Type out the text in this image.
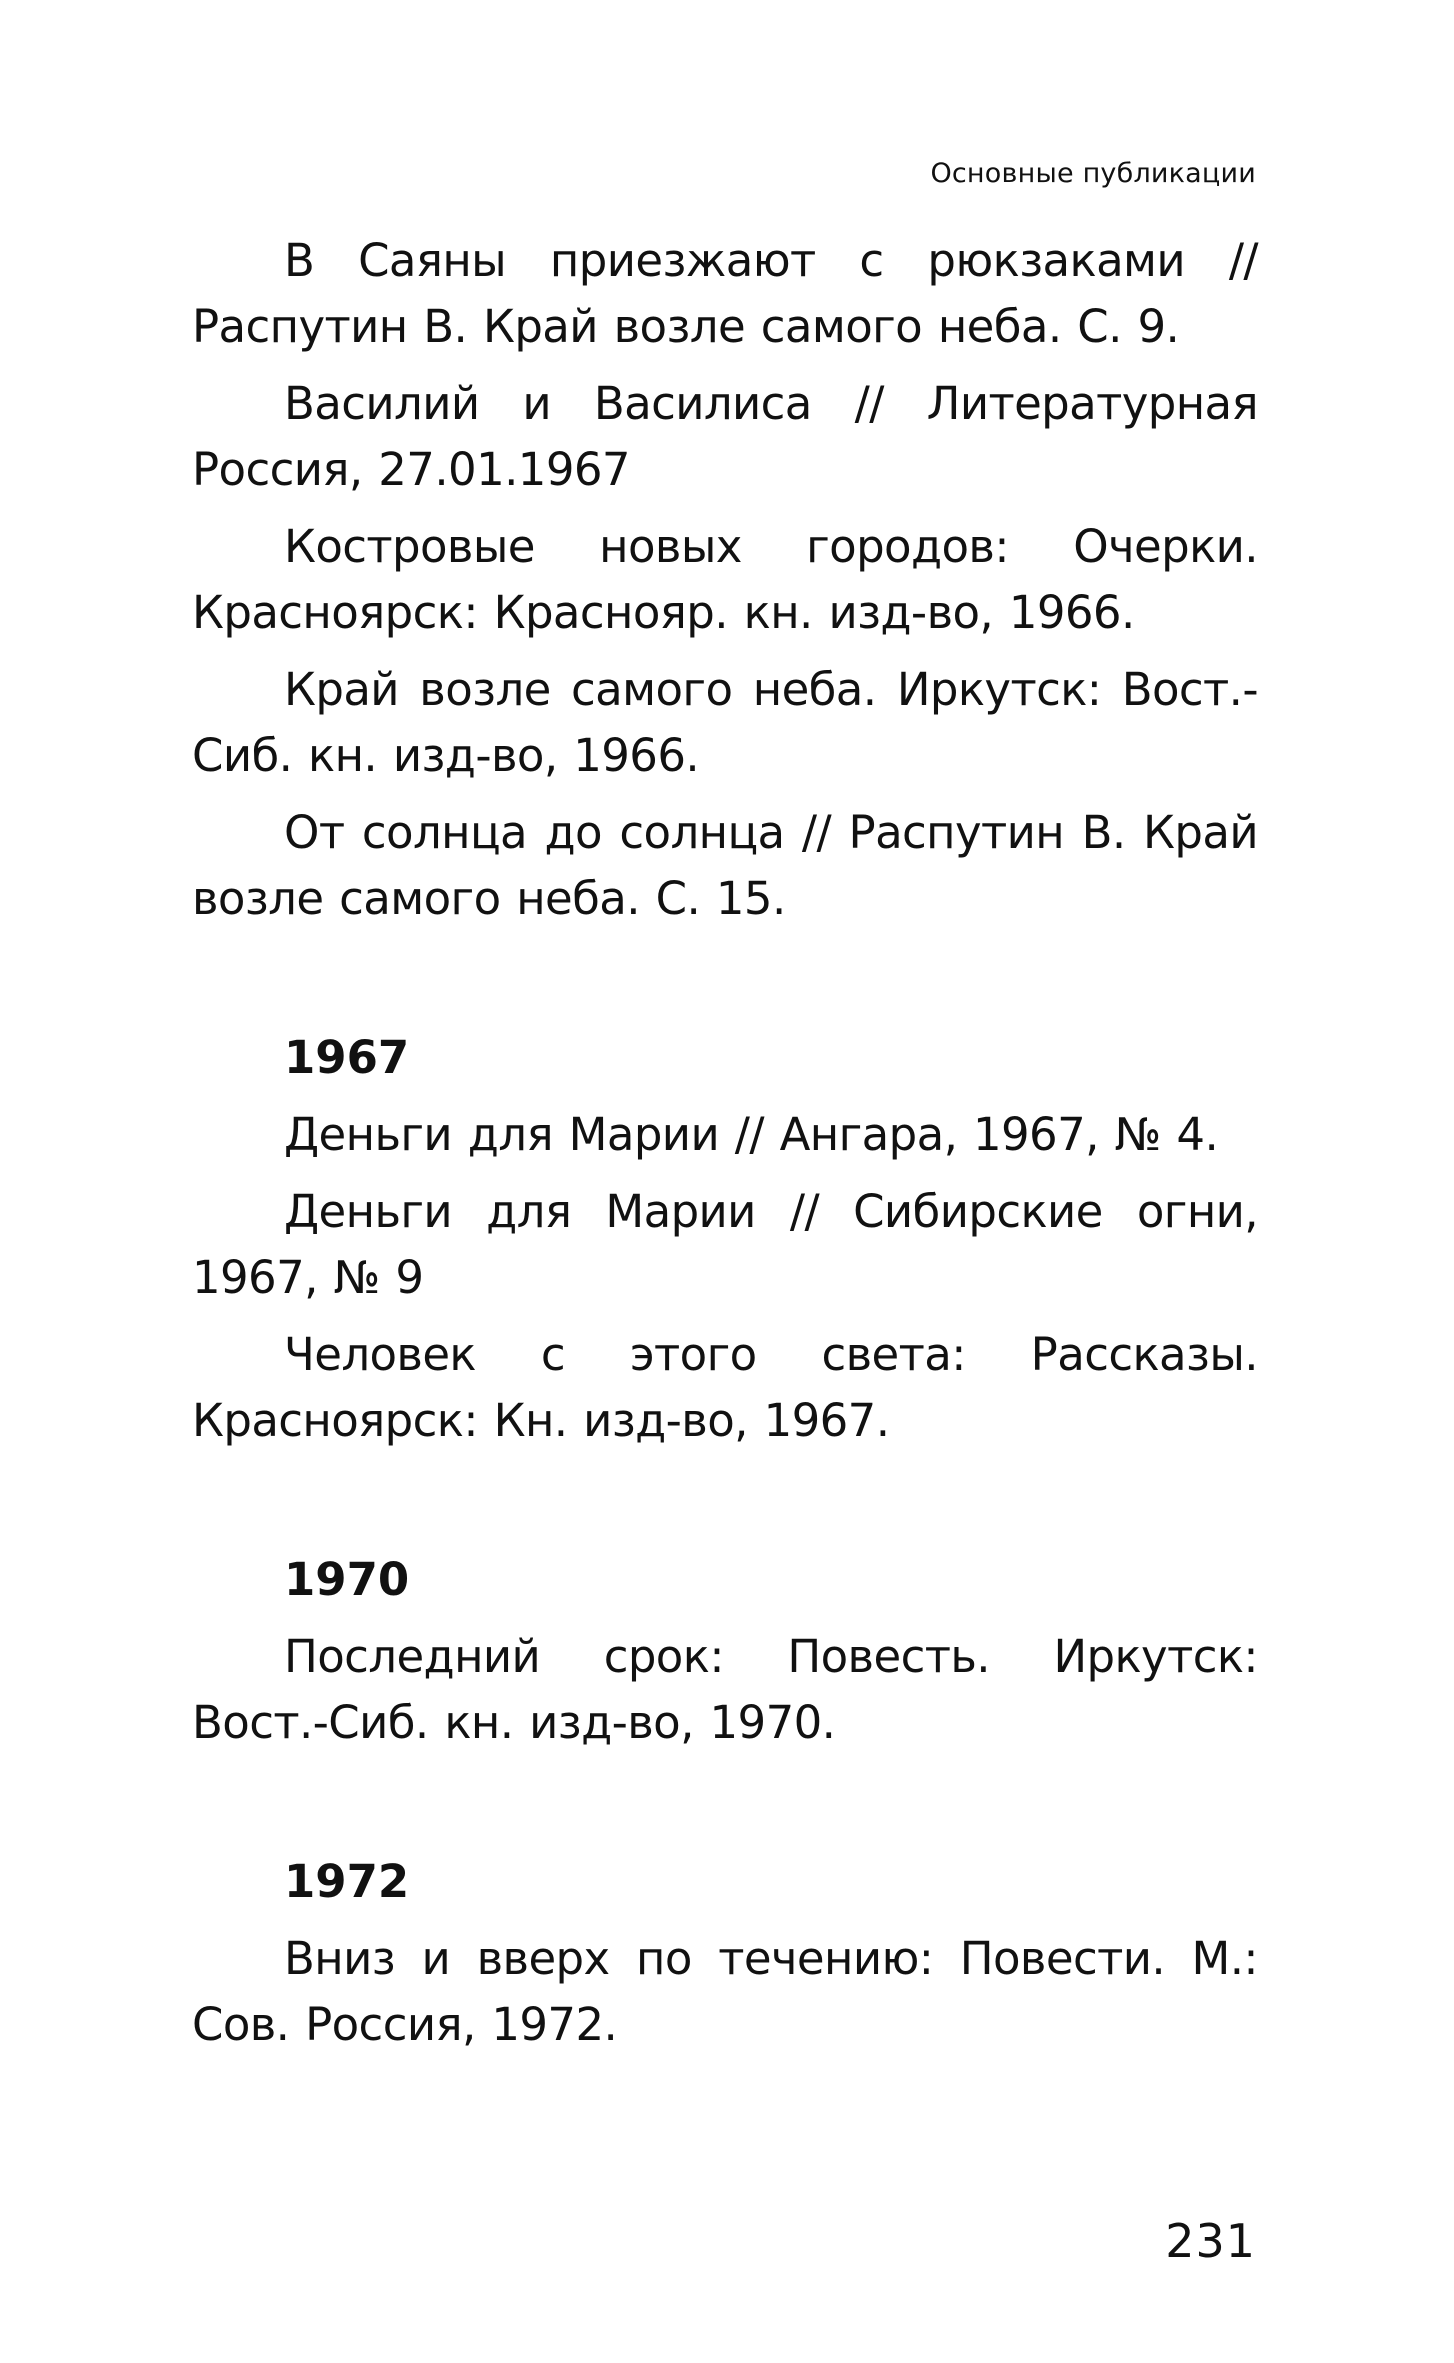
Основные публикации

В Саяны приезжают с рюкзаками // Распутин В. Край возле самого неба. С. 9.

Василий и Василиса // Литературная Россия, 27.01.1967

Костровые новых городов: Очерки. Красноярск: Краснояр. кн. изд-во, 1966.

Край возле самого неба. Иркутск: Вост.-Сиб. кн. изд-во, 1966.

От солнца до солнца // Распутин В. Край возле самого неба. С. 15.

1967

Деньги для Марии // Ангара, 1967, № 4.

Деньги для Марии // Сибирские огни, 1967, № 9

Человек с этого света: Рассказы. Красноярск: Кн. изд-во, 1967.

1970

Последний срок: Повесть. Иркутск: Вост.-Сиб. кн. изд-во, 1970.

1972

Вниз и вверх по течению: Повести. М.: Сов. Россия, 1972.

231
